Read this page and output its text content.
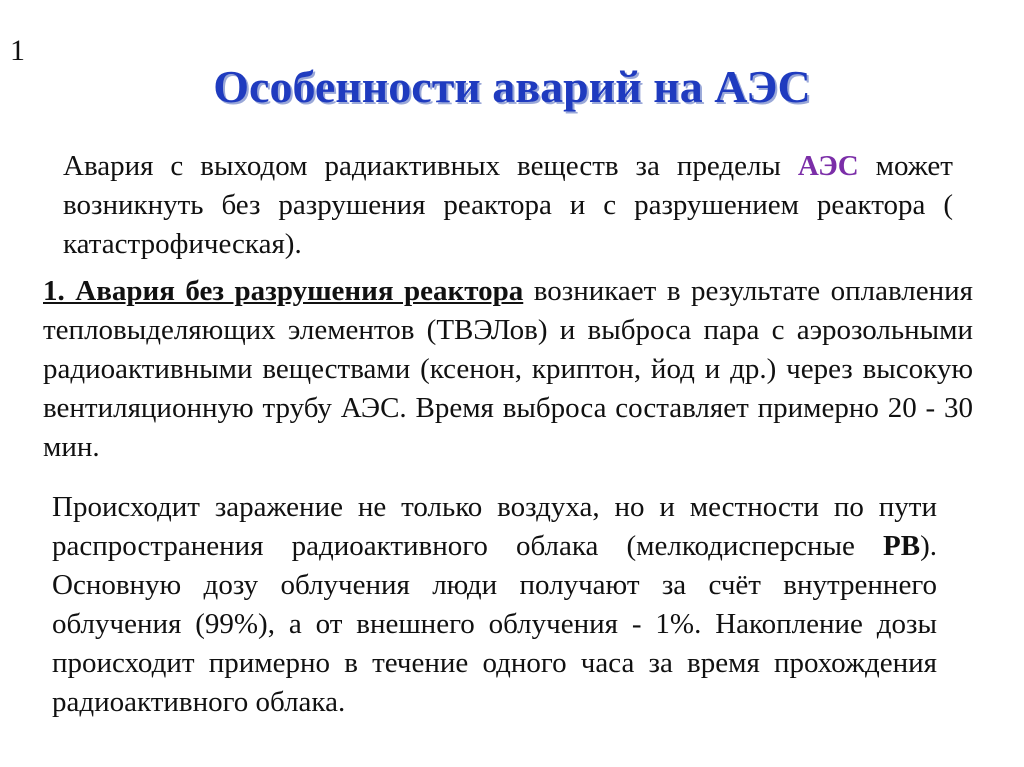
1
Особенности аварий на АЭС
Авария с выходом радиактивных веществ за пределы АЭС может возникнуть без разрушения реактора и с разрушением реактора ( катастрофическая).
1. Авария без разрушения реактора возникает в результате оплавления тепловыделяющих элементов (ТВЭЛов) и выброса пара с аэрозольными радиоактивными веществами (ксенон, криптон, йод и др.) через высокую вентиляционную трубу АЭС. Время выброса составляет примерно 20 - 30 мин.
Происходит заражение не только воздуха, но и местности по пути распространения радиоактивного облака (мелкодисперсные РВ). Основную дозу облучения люди получают за счёт внутреннего облучения (99%), а от внешнего облучения - 1%. Накопление дозы происходит примерно в течение одного часа за время прохождения радиоактивного облака.
